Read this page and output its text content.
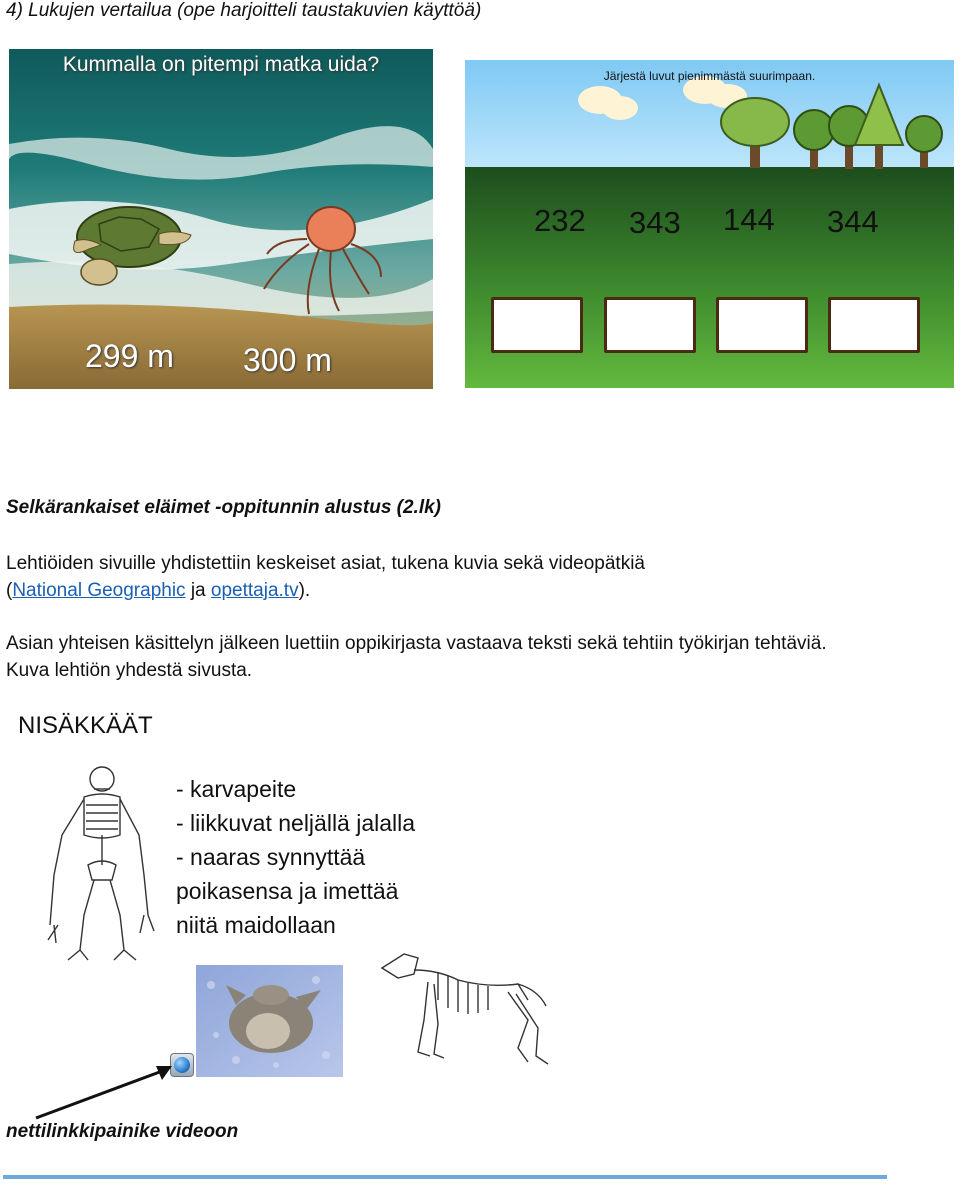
4) Lukujen vertailua (ope harjoitteli taustakuvien käyttöä)
Kummalla on pitempi matka uida?
299 m 300 m
Järjestä luvut pienimmästä suurimpaan.
232 343 144 344
Selkärankaiset eläimet -oppitunnin alustus (2.lk)
Lehtiöiden sivuille yhdistettiin keskeiset asiat, tukena kuvia sekä videopätkiä
(National Geographic ja opettaja.tv).
Asian yhteisen käsittelyn jälkeen luettiin oppikirjasta vastaava teksti sekä tehtiin työkirjan tehtäviä.
Kuva lehtiön yhdestä sivusta.
NISÄKKÄÄT
- karvapeite
- liikkuvat neljällä jalalla
- naaras synnyttää
poikasensa ja imettää
niitä maidollaan
nettilinkkipainike videoon
